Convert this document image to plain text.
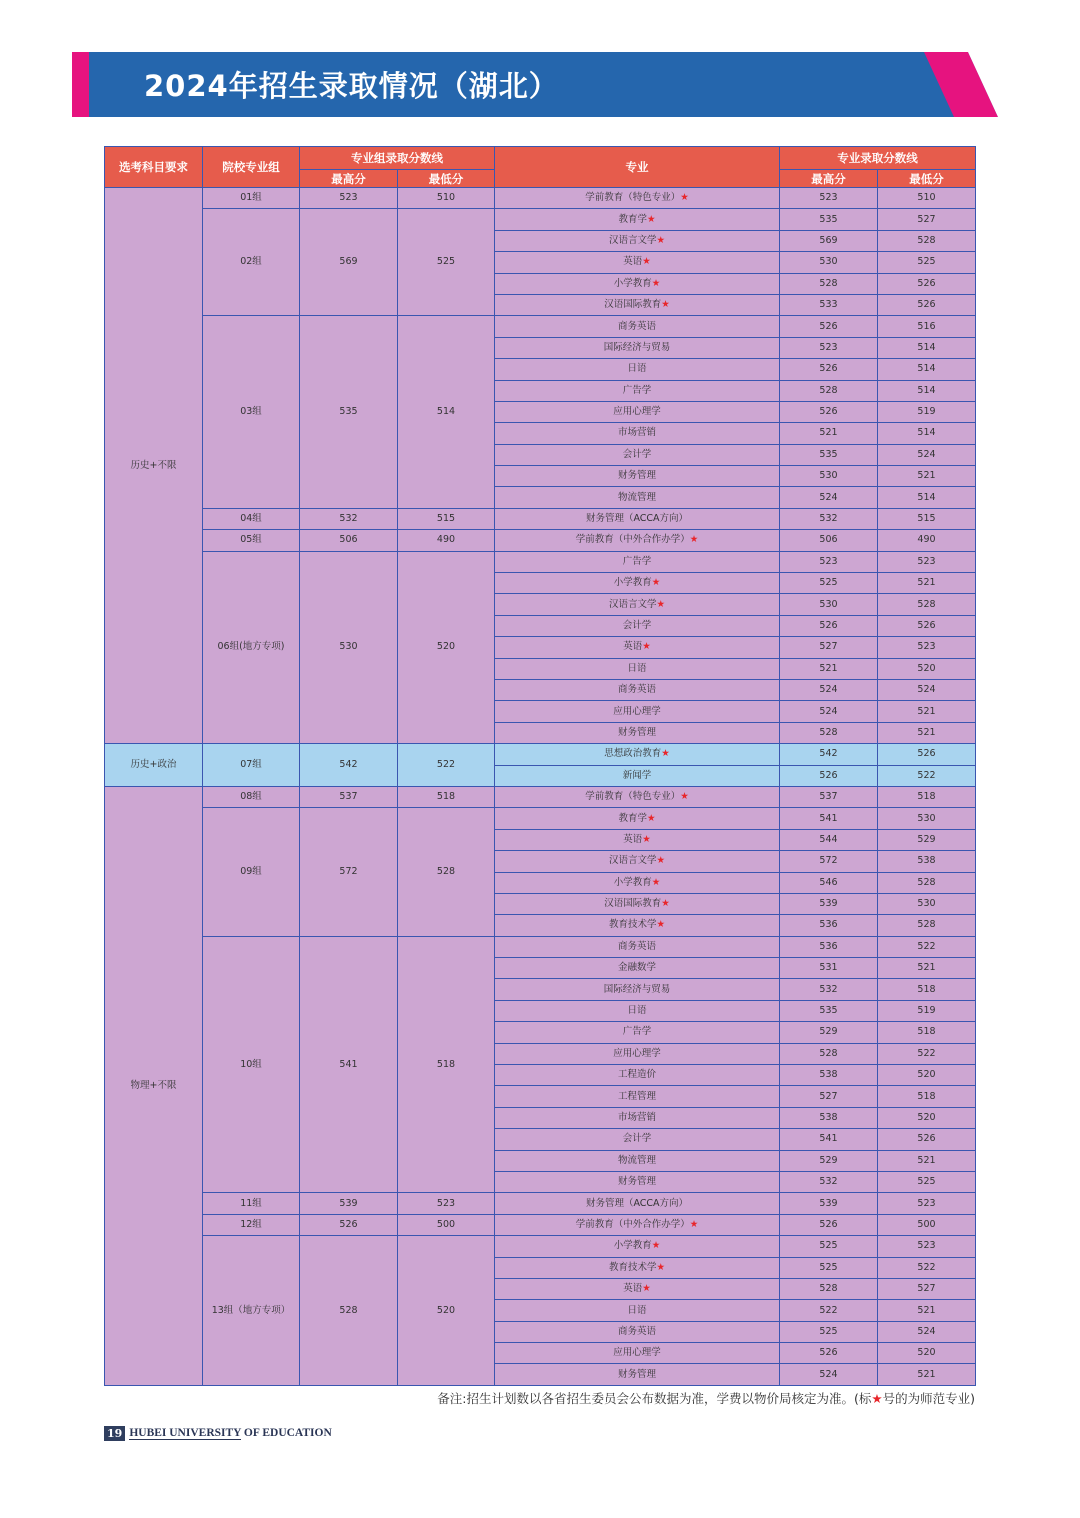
2024年招生录取情况（湖北）
选考科目要求	院校专业组	专业组录取分数线		专业	专业录取分数线	
		最高分	最低分		最高分	最低分
历史+不限	01组	523	510	学前教育（特色专业）★	523	510
	02组	569	525	教育学★	535	527
				汉语言文学★	569	528
				英语★	530	525
				小学教育★	528	526
				汉语国际教育★	533	526
	03组	535	514	商务英语	526	516
				国际经济与贸易	523	514
				日语	526	514
				广告学	528	514
				应用心理学	526	519
				市场营销	521	514
				会计学	535	524
				财务管理	530	521
				物流管理	524	514
	04组	532	515	财务管理（ACCA方向）	532	515
	05组	506	490	学前教育（中外合作办学）★	506	490
	06组(地方专项)	530	520	广告学	523	523
				小学教育★	525	521
				汉语言文学★	530	528
				会计学	526	526
				英语★	527	523
				日语	521	520
				商务英语	524	524
				应用心理学	524	521
				财务管理	528	521
历史+政治	07组	542	522	思想政治教育★	542	526
				新闻学	526	522
物理+不限	08组	537	518	学前教育（特色专业）★	537	518
	09组	572	528	教育学★	541	530
				英语★	544	529
				汉语言文学★	572	538
				小学教育★	546	528
				汉语国际教育★	539	530
				教育技术学★	536	528
	10组	541	518	商务英语	536	522
				金融数学	531	521
				国际经济与贸易	532	518
				日语	535	519
				广告学	529	518
				应用心理学	528	522
				工程造价	538	520
				工程管理	527	518
				市场营销	538	520
				会计学	541	526
				物流管理	529	521
				财务管理	532	525
	11组	539	523	财务管理（ACCA方向）	539	523
	12组	526	500	学前教育（中外合作办学）★	526	500
	13组（地方专项）	528	520	小学教育★	525	523
				教育技术学★	525	522
				英语★	528	527
				日语	522	521
				商务英语	525	524
				应用心理学	526	520
				财务管理	524	521
备注:招生计划数以各省招生委员会公布数据为准，学费以物价局核定为准。(标★号的为师范专业)
19 HUBEI UNIVERSITY OF EDUCATION
